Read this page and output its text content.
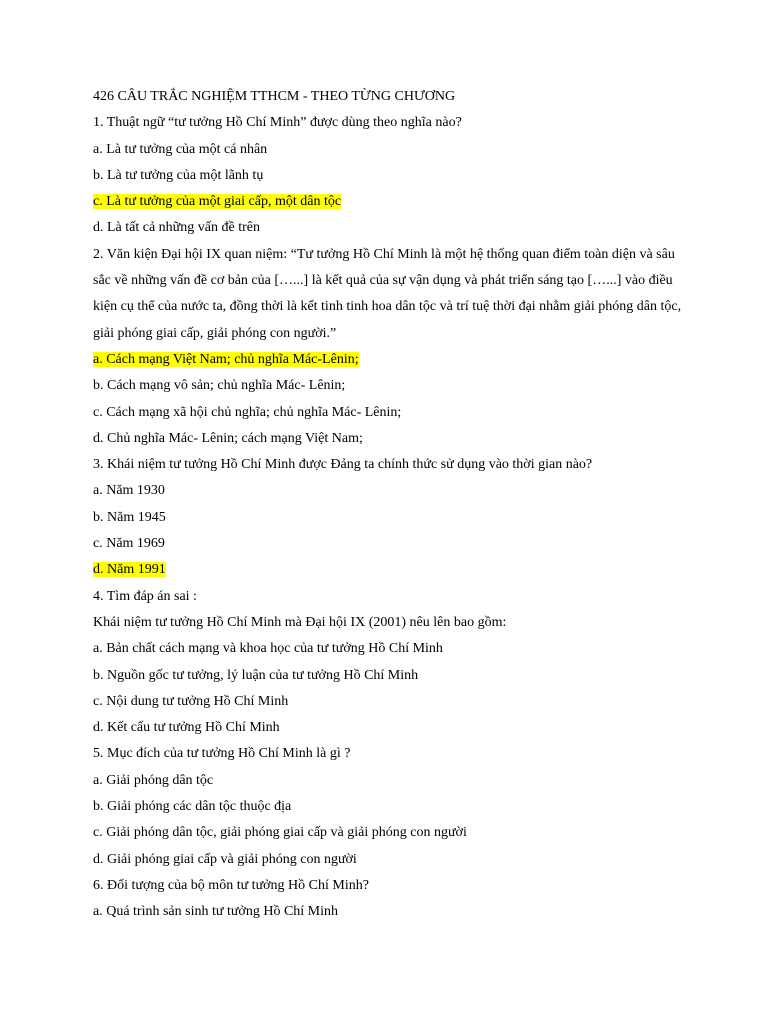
426 CÂU TRẮC NGHIỆM TTHCM - THEO TỪNG CHƯƠNG

1. Thuật ngữ “tư tưởng Hồ Chí Minh” được dùng theo nghĩa nào?

a. Là tư tưởng của một cá nhân

b. Là tư tưởng của một lãnh tụ

c. Là tư tưởng của một giai cấp, một dân tộc

d. Là tất cả những vấn đề trên

2. Văn kiện Đại hội IX quan niệm: “Tư tưởng Hồ Chí Minh là một hệ thống quan điểm toàn diện và sâu sắc về những vấn đề cơ bản của […...] là kết quả của sự vận dụng và phát triển sáng tạo […...] vào điều kiện cụ thể của nước ta, đồng thời là kết tinh tinh hoa dân tộc và trí tuệ thời đại nhằm giải phóng dân tộc, giải phóng giai cấp, giải phóng con người.”

a. Cách mạng Việt Nam; chủ nghĩa Mác-Lênin;

b. Cách mạng vô sản; chủ nghĩa Mác- Lênin;

c. Cách mạng xã hội chủ nghĩa; chủ nghĩa Mác- Lênin;

d. Chủ nghĩa Mác- Lênin; cách mạng Việt Nam;

3. Khái niệm tư tưởng Hồ Chí Minh được Đảng ta chính thức sử dụng vào thời gian nào?

a. Năm 1930

b. Năm 1945

c. Năm 1969

d. Năm 1991

4. Tìm đáp án sai :

Khái niệm tư tưởng Hồ Chí Minh mà Đại hội IX (2001) nêu lên bao gồm:

a. Bản chất cách mạng và khoa học của tư tưởng Hồ Chí Minh

b. Nguồn gốc tư tưởng, lý luận của tư tưởng Hồ Chí Minh

c. Nội dung tư tưởng Hồ Chí Minh

d. Kết cấu tư tưởng Hồ Chí Minh

5. Mục đích của tư tưởng Hồ Chí Minh là gì ?

a. Giải phóng dân tộc

b. Giải phóng các dân tộc thuộc địa

c. Giải phóng dân tộc, giải phóng giai cấp và giải phóng con người

d. Giải phóng giai cấp và giải phóng con người

6. Đối tượng của bộ môn tư tưởng Hồ Chí Minh?

a. Quá trình sản sinh tư tưởng Hồ Chí Minh
